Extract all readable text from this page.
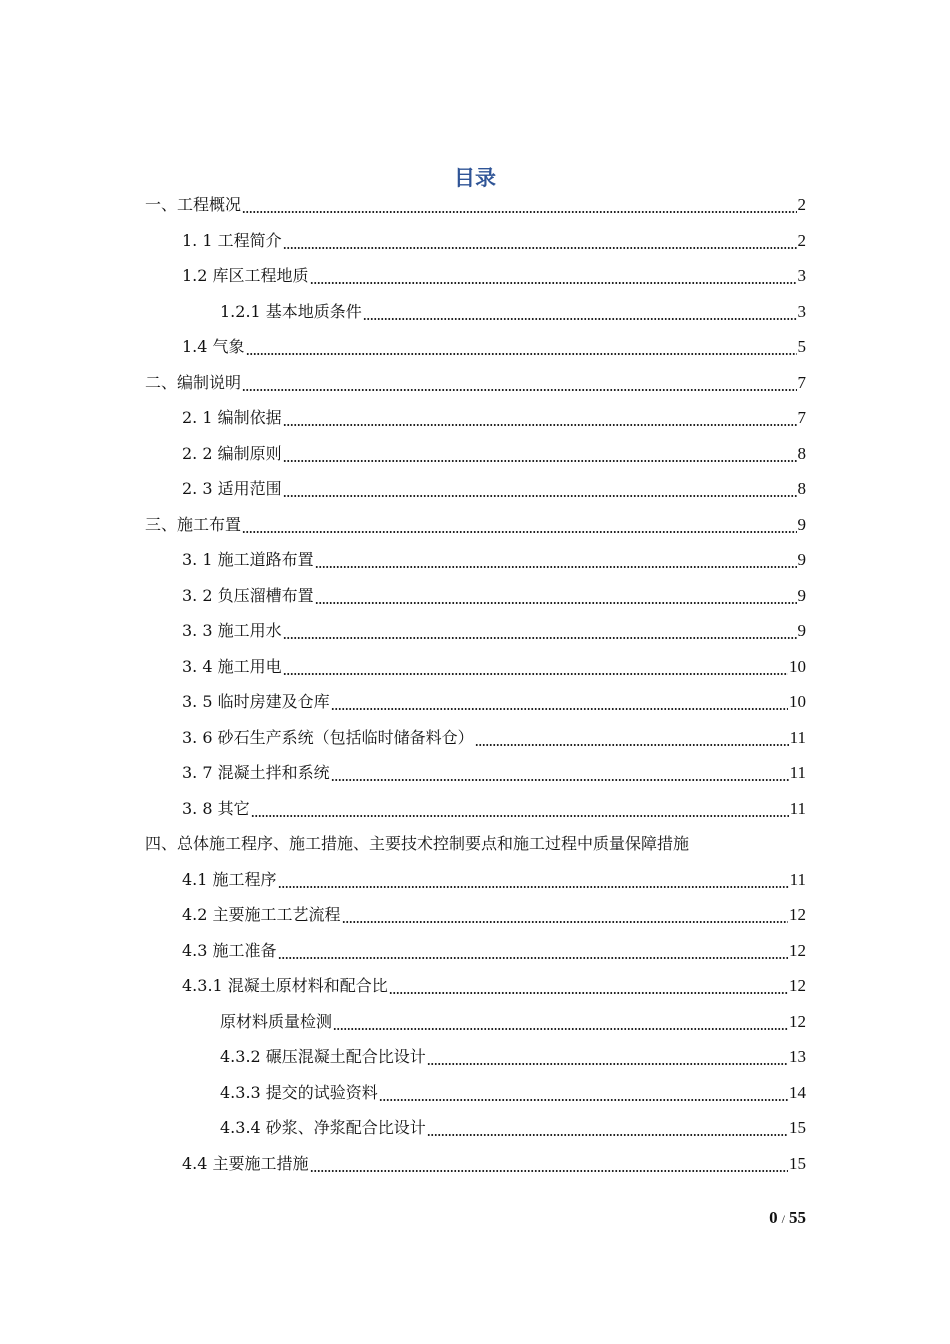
目录
一、工程概况	2
1. 1 工程简介	2
1.2 库区工程地质	3
1.2.1 基本地质条件	3
1.4 气象	5
二、编制说明	7
2. 1 编制依据	7
2. 2 编制原则	8
2. 3 适用范围	8
三、施工布置	9
3. 1 施工道路布置	9
3. 2 负压溜槽布置	9
3. 3 施工用水	9
3. 4 施工用电	10
3. 5 临时房建及仓库	10
3. 6 砂石生产系统（包括临时储备料仓）	11
3. 7 混凝土拌和系统	11
3. 8 其它	11
四、总体施工程序、施工措施、主要技术控制要点和施工过程中质量保障措施
4.1 施工程序	11
4.2 主要施工工艺流程	12
4.3 施工准备	12
4.3.1 混凝土原材料和配合比	12
原材料质量检测	12
4.3.2 碾压混凝土配合比设计	13
4.3.3 提交的试验资料	14
4.3.4 砂浆、净浆配合比设计	15
4.4 主要施工措施	15
0 / 55
